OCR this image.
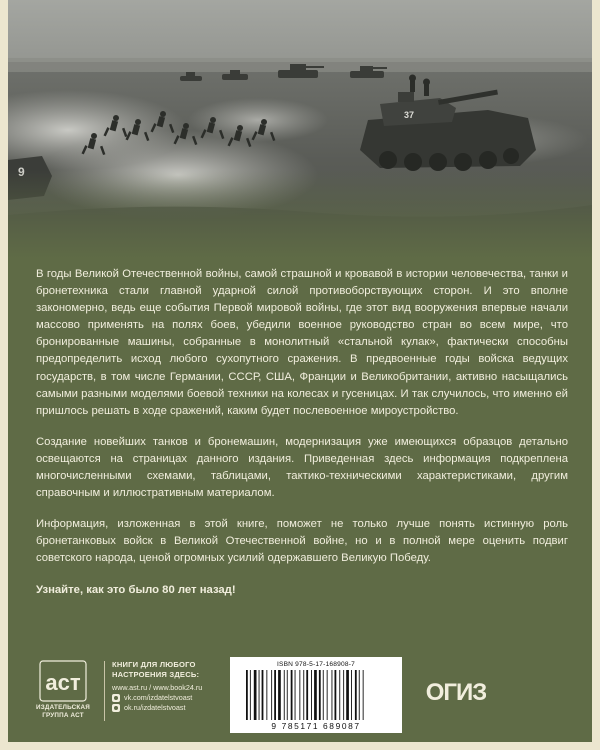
37

В годы Великой Отечественной войны, самой страшной и кровавой в истории человечества, танки и бронетехника стали главной ударной силой противоборствующих сторон. И это вполне закономерно, ведь еще события Первой мировой войны, где этот вид вооружения впервые начали массово применять на полях боев, убедили военное руководство стран во всем мире, что бронированные машины, собранные в монолитный «стальной кулак», фактически способны предопределить исход любого сухопутного сражения. В предвоенные годы войска ведущих государств, в том числе Германии, СССР, США, Франции и Великобритании, активно насыщались самыми разными моделями боевой техники на колесах и гусеницах. И так случилось, что именно ей пришлось решать в ходе сражений, каким будет послевоенное мироустройство.

Создание новейших танков и бронемашин, модернизация уже имеющихся образцов детально освещаются на страницах данного издания. Приведенная здесь информация подкреплена многочисленными схемами, таблицами, тактико-техническими характеристиками, другим справочным и иллюстративным материалом.

Информация, изложенная в этой книге, поможет не только лучше понять истинную роль бронетанковых войск в Великой Отечественной войне, но и в полной мере оценить подвиг советского народа, ценой огромных усилий одержавшего Великую Победу.

Узнайте, как это было 80 лет назад!

аст
ИЗДАТЕЛЬСКАЯ
ГРУППА АСТ
КНИГИ ДЛЯ ЛЮБОГО
НАСТРОЕНИЯ ЗДЕСЬ:
www.ast.ru / www.book24.ru
vk.com/izdatelstvoast
ok.ru/izdatelstvoast
ISBN 978-5-17-168908-7
9 785171 689087
ОГИЗ
